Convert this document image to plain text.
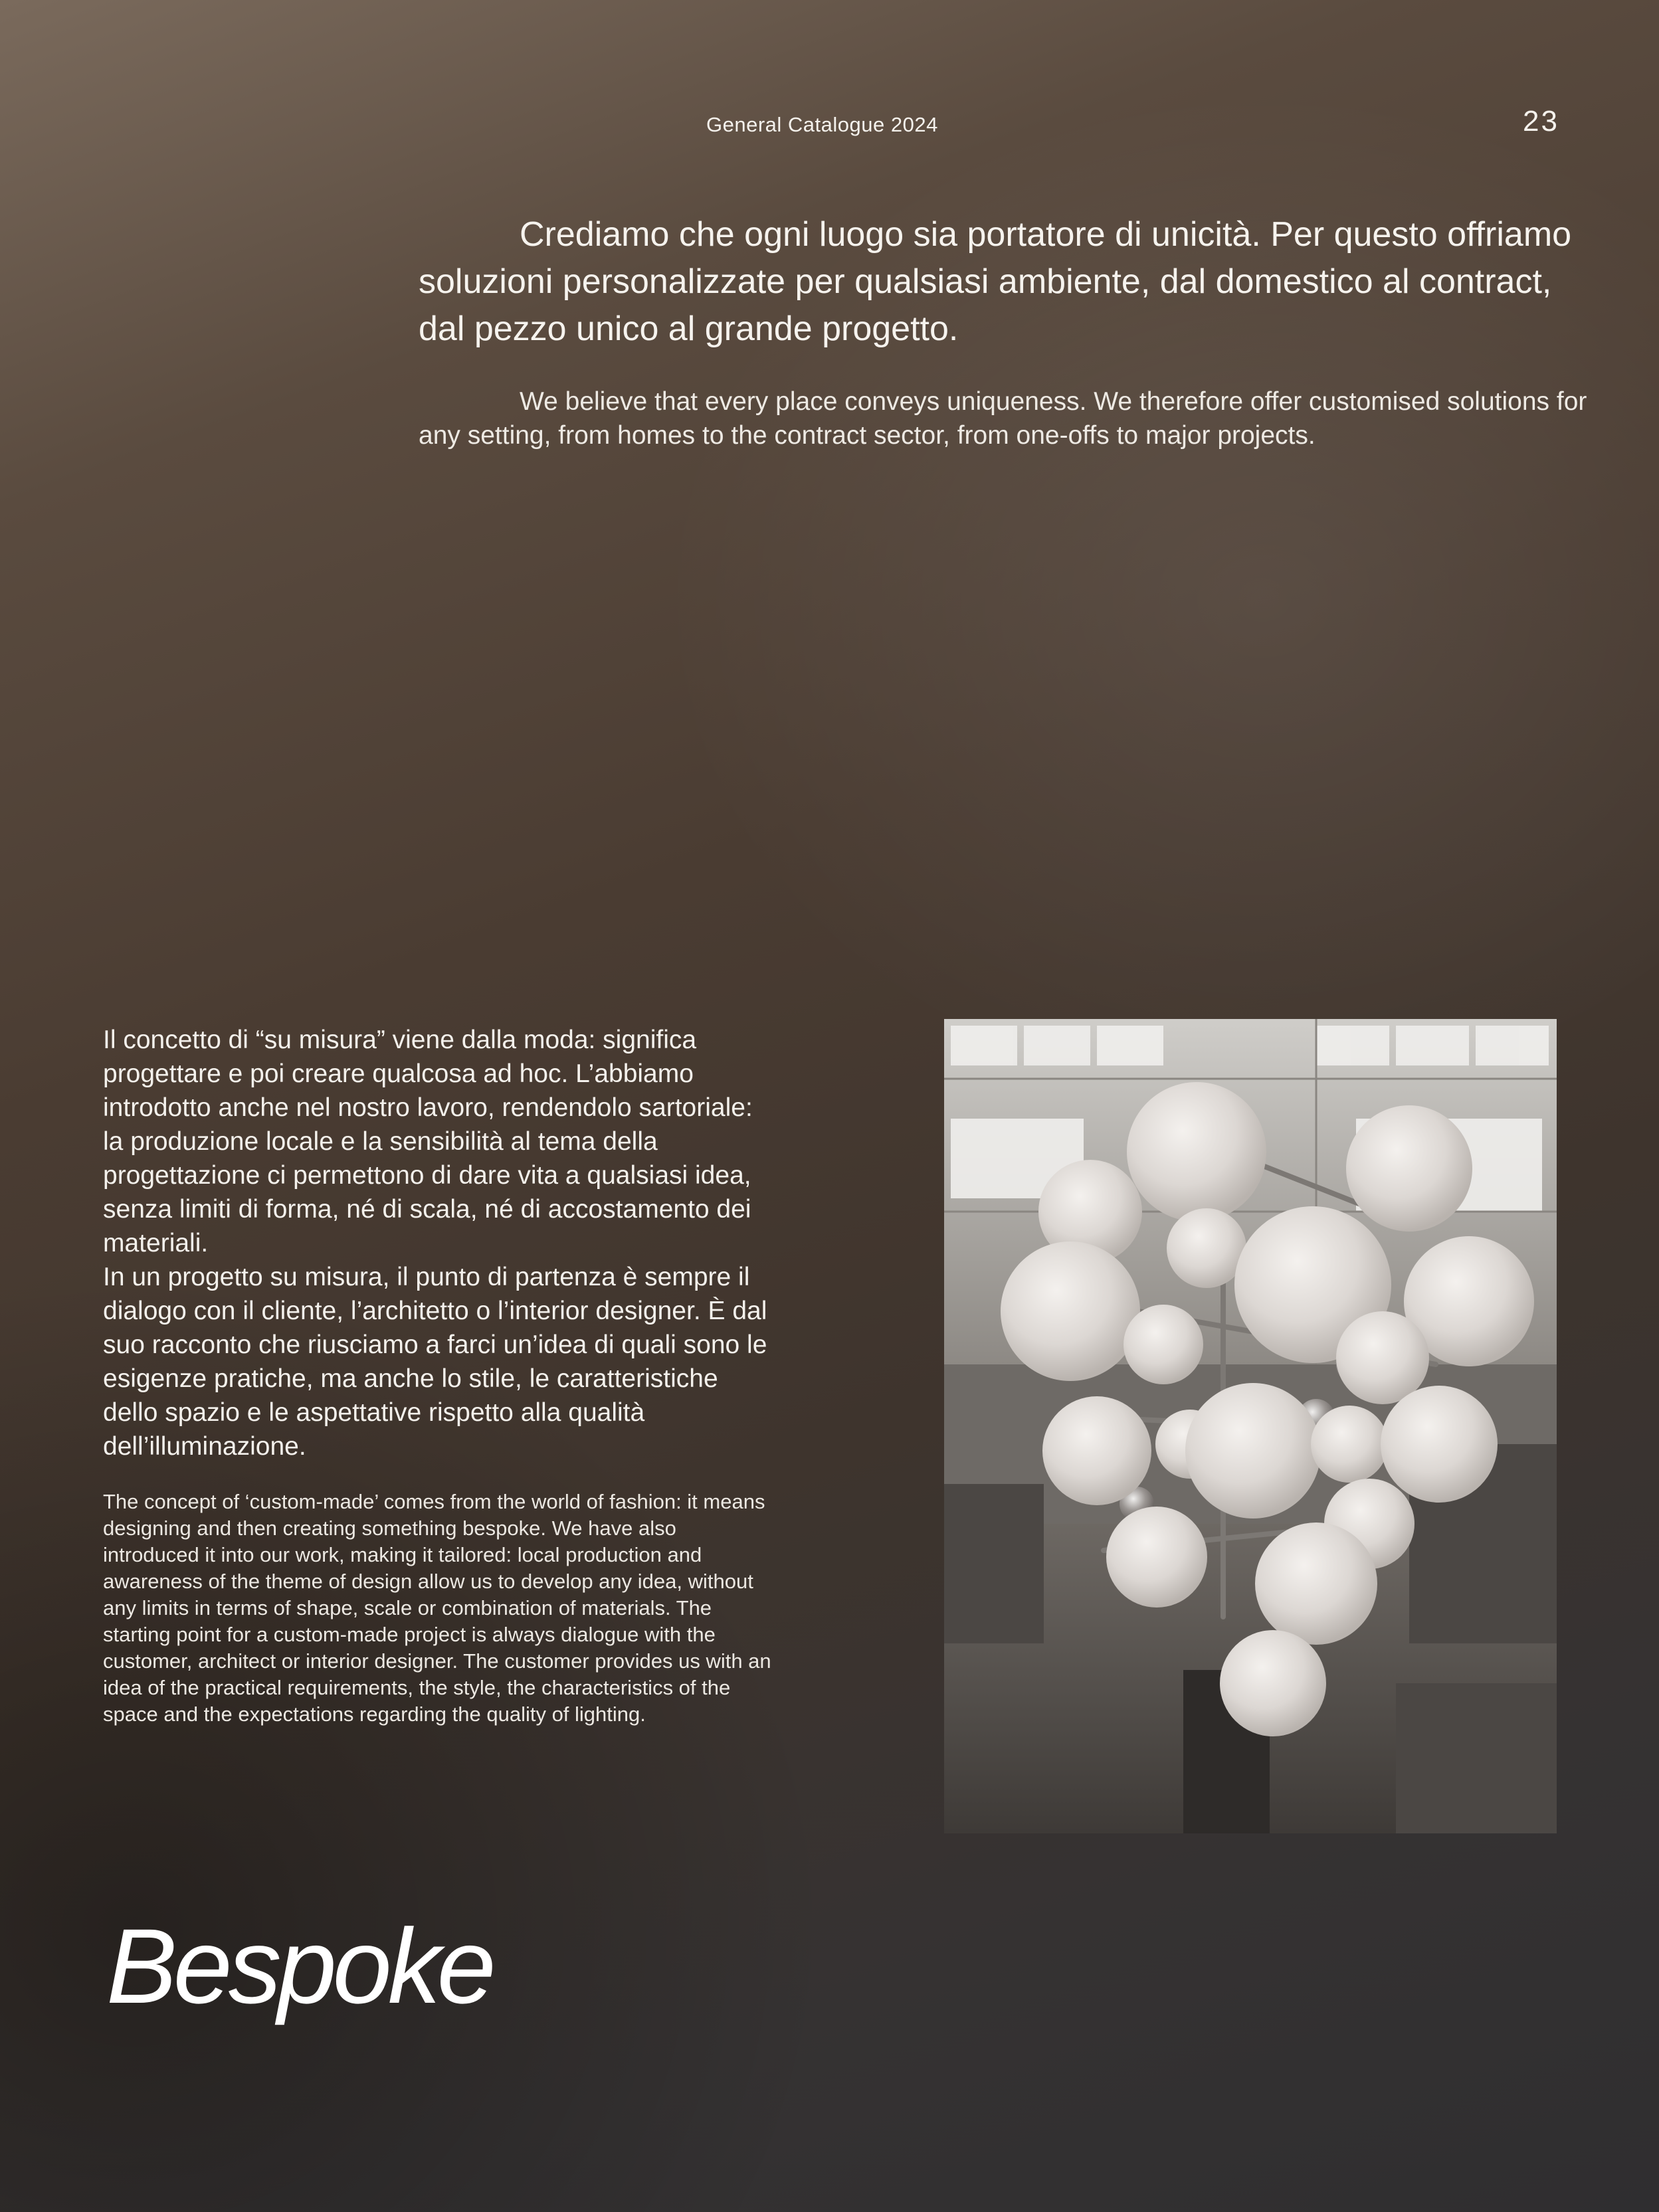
General Catalogue 2024	23

Crediamo che ogni luogo sia portatore di unicità. Per questo offriamo soluzioni personalizzate per qualsiasi ambiente, dal domestico al contract, dal pezzo unico al grande progetto.

We believe that every place conveys uniqueness. We therefore offer customised solutions for any setting, from homes to the contract sector, from one-offs to major projects.

Il concetto di “su misura” viene dalla moda: significa progettare e poi creare qualcosa ad hoc. L’abbiamo introdotto anche nel nostro lavoro, rendendolo sartoriale: la produzione locale e la sensibilità al tema della progettazione ci permettono di dare vita a qualsiasi idea, senza limiti di forma, né di scala, né di accostamento dei materiali.
In un progetto su misura, il punto di partenza è sempre il dialogo con il cliente, l’architetto o l’interior designer. È dal suo racconto che riusciamo a farci un’idea di quali sono le esigenze pratiche, ma anche lo stile, le caratteristiche dello spazio e le aspettative rispetto alla qualità dell’illuminazione.

The concept of ‘custom-made’ comes from the world of fashion: it means designing and then creating something bespoke. We have also introduced it into our work, making it tailored: local production and awareness of the theme of design allow us to develop any idea, without any limits in terms of shape, scale or combination of materials. The starting point for a custom-made project is always dialogue with the customer, architect or interior designer. The customer provides us with an idea of the practical requirements, the style, the characteristics of the space and the expectations regarding the quality of lighting.

Bespoke
